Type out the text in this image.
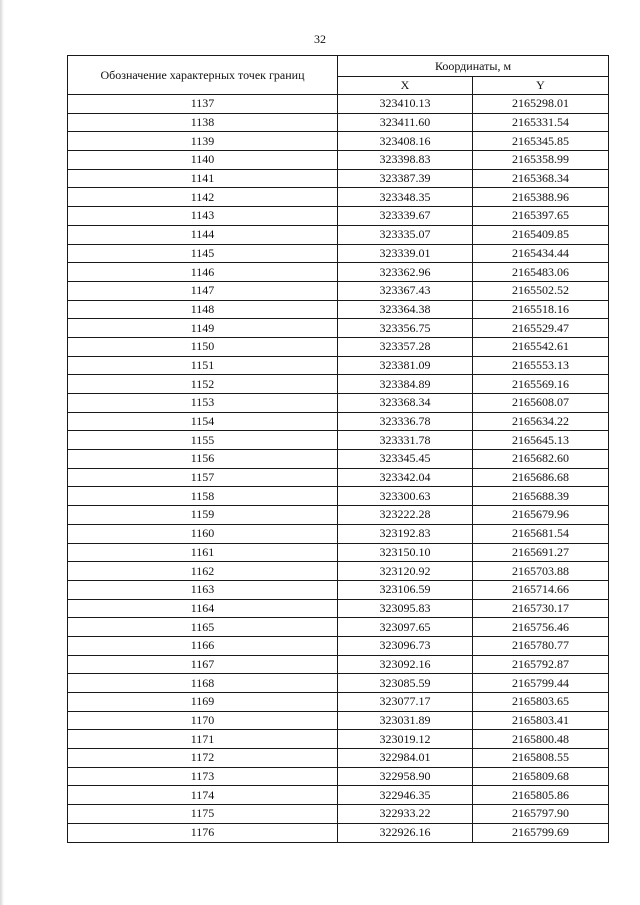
32
Обозначение характерных точек границ	Координаты, м	
	X	Y
1137	323410.13	2165298.01
1138	323411.60	2165331.54
1139	323408.16	2165345.85
1140	323398.83	2165358.99
1141	323387.39	2165368.34
1142	323348.35	2165388.96
1143	323339.67	2165397.65
1144	323335.07	2165409.85
1145	323339.01	2165434.44
1146	323362.96	2165483.06
1147	323367.43	2165502.52
1148	323364.38	2165518.16
1149	323356.75	2165529.47
1150	323357.28	2165542.61
1151	323381.09	2165553.13
1152	323384.89	2165569.16
1153	323368.34	2165608.07
1154	323336.78	2165634.22
1155	323331.78	2165645.13
1156	323345.45	2165682.60
1157	323342.04	2165686.68
1158	323300.63	2165688.39
1159	323222.28	2165679.96
1160	323192.83	2165681.54
1161	323150.10	2165691.27
1162	323120.92	2165703.88
1163	323106.59	2165714.66
1164	323095.83	2165730.17
1165	323097.65	2165756.46
1166	323096.73	2165780.77
1167	323092.16	2165792.87
1168	323085.59	2165799.44
1169	323077.17	2165803.65
1170	323031.89	2165803.41
1171	323019.12	2165800.48
1172	322984.01	2165808.55
1173	322958.90	2165809.68
1174	322946.35	2165805.86
1175	322933.22	2165797.90
1176	322926.16	2165799.69
